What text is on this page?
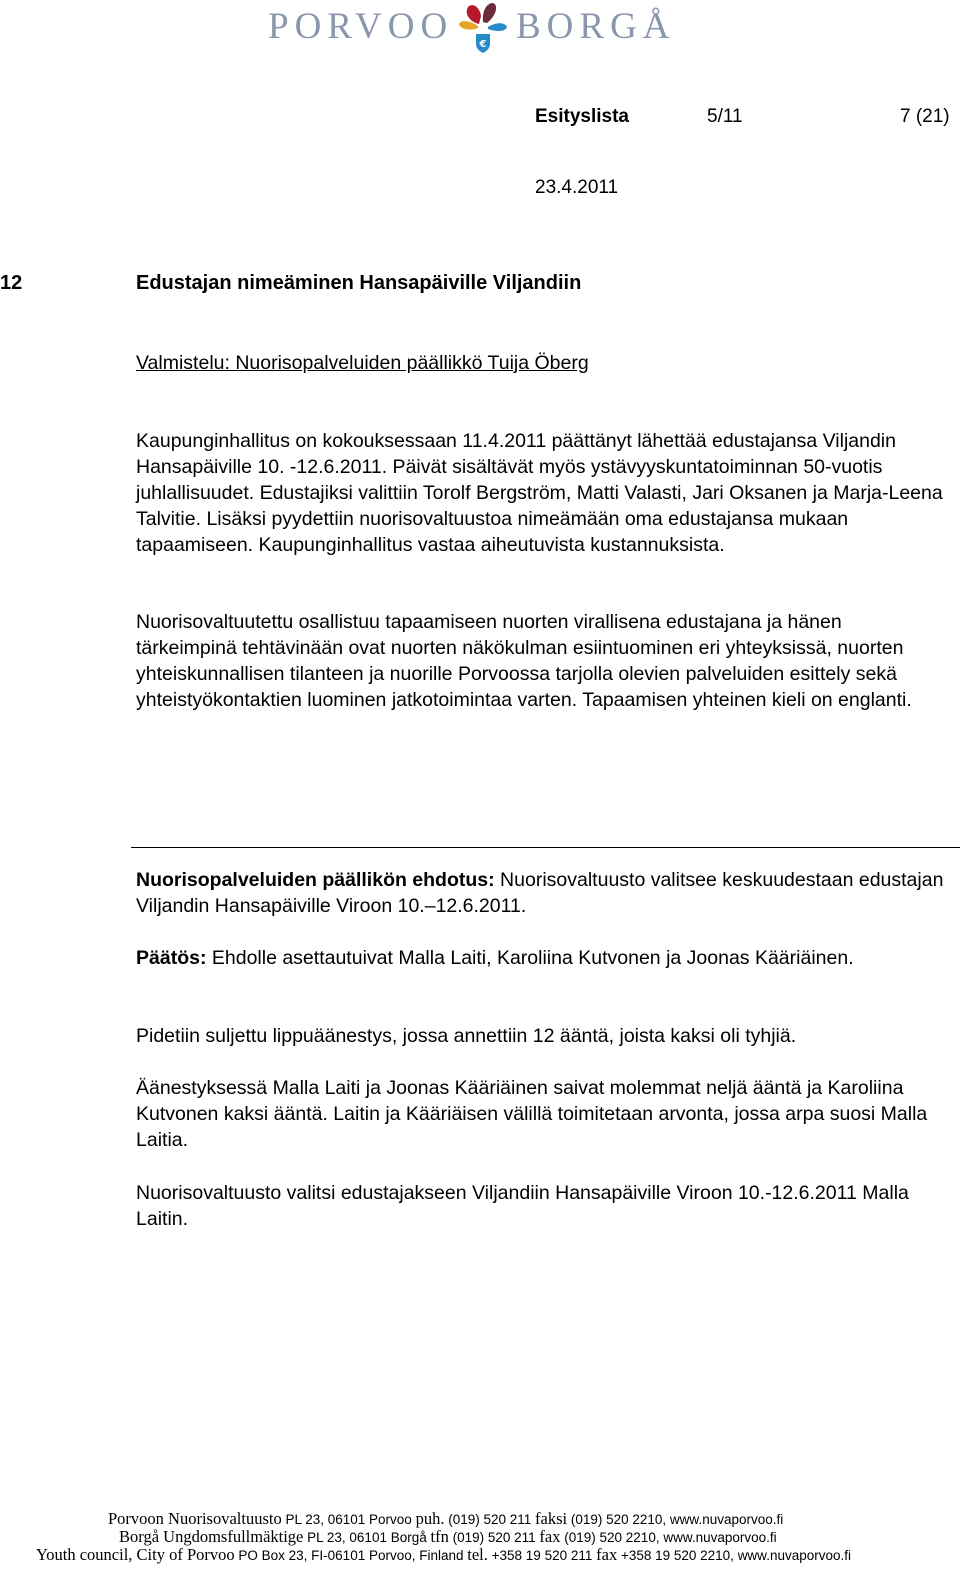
PORVOO	€ BORGÅ
Esityslista	5/11	7 (21)
23.4.2011
12	Edustajan nimeäminen Hansapäiville Viljandiin
Valmistelu: Nuorisopalveluiden päällikkö Tuija Öberg
Kaupunginhallitus on kokouksessaan 11.4.2011 päättänyt lähettää edustajansa Viljandin Hansapäiville 10. -12.6.2011. Päivät sisältävät myös ystävyyskuntatoiminnan 50-vuotis juhlallisuudet. Edustajiksi valittiin Torolf Bergström, Matti Valasti, Jari Oksanen ja Marja-Leena Talvitie. Lisäksi pyydettiin nuorisovaltuustoa nimeämään oma edustajansa mukaan tapaamiseen. Kaupunginhallitus vastaa aiheutuvista kustannuksista.
Nuorisovaltuutettu osallistuu tapaamiseen nuorten virallisena edustajana ja hänen tärkeimpinä tehtävinään ovat nuorten näkökulman esiintuominen eri yhteyksissä, nuorten yhteiskunnallisen tilanteen ja nuorille Porvoossa tarjolla olevien palveluiden esittely sekä yhteistyökontaktien luominen jatkotoimintaa varten. Tapaamisen yhteinen kieli on englanti.
Nuorisopalveluiden päällikön ehdotus: Nuorisovaltuusto valitsee keskuudestaan edustajan Viljandin Hansapäiville Viroon 10.–12.6.2011.
Päätös: Ehdolle asettautuivat Malla Laiti, Karoliina Kutvonen ja Joonas Kääriäinen.
Pidetiin suljettu lippuäänestys, jossa annettiin 12 ääntä, joista kaksi oli tyhjiä.
Äänestyksessä Malla Laiti ja Joonas Kääriäinen saivat molemmat neljä ääntä ja Karoliina Kutvonen kaksi ääntä. Laitin ja Kääriäisen välillä toimitetaan arvonta, jossa arpa suosi Malla Laitia.
Nuorisovaltuusto valitsi edustajakseen Viljandiin Hansapäiville Viroon 10.-12.6.2011 Malla Laitin.
Porvoon Nuorisovaltuusto PL 23, 06101 Porvoo puh. (019) 520 211 faksi (019) 520 2210, www.nuvaporvoo.fi
Borgå Ungdomsfullmäktige PL 23, 06101 Borgå tfn (019) 520 211 fax (019) 520 2210, www.nuvaporvoo.fi
Youth council, City of Porvoo PO Box 23, FI-06101 Porvoo, Finland tel. +358 19 520 211 fax +358 19 520 2210, www.nuvaporvoo.fi
